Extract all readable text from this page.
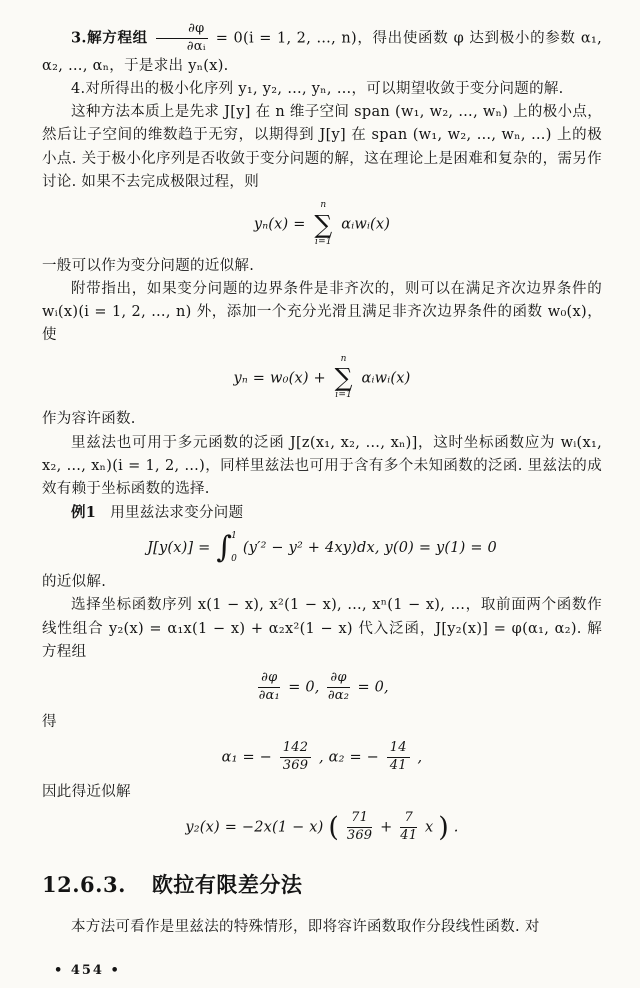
3.解方程组 $\frac{\partial\varphi}{\text{∂αᵢ}} = 0(i = 1$, 2, …, n)，得出使函数 φ 达到极小的参数 α₁, α₂, …, αₙ，于是求出 yₙ(x).

4.对所得出的极小化序列 y₁, y₂, …, yₙ, …，可以期望收敛于变分问题的解.

这种方法本质上是先求 J[y] 在 n 维子空间 span (w₁, w₂, …, wₙ) 上的极小点，然后让子空间的维数趋于无穷，以期得到 J[y] 在 span (w₁, w₂, …, wₙ, …) 上的极小点. 关于极小化序列是否收敛于变分问题的解，这在理论上是困难和复杂的，需另作讨论. 如果不去完成极限过程，则

yₙ(x) =
n
∑
i=1
αᵢwᵢ(x)

一般可以作为变分问题的近似解.

附带指出，如果变分问题的边界条件是非齐次的，则可以在满足齐次边界条件的 wᵢ(x)(i = 1, 2, …, n) 外，添加一个充分光滑且满足非齐次边界条件的函数 w₀(x)，使

yₙ = w₀(x) +
n
∑
i=1
αᵢwᵢ(x)

作为容许函数.

里兹法也可用于多元函数的泛函 J[z(x₁, x₂, …, xₙ)]，这时坐标函数应为 wᵢ(x₁, x₂, …, xₙ)(i = 1, 2, …)，同样里兹法也可用于含有多个未知函数的泛函. 里兹法的成效有赖于坐标函数的选择.

例1 用里兹法求变分问题

J[y(x)] = ∫ 1
0
(y′² − y² + 4xy)dx, y(0) = y(1) = 0

的近似解.

选择坐标函数序列 x(1 − x), x²(1 − x), …, xⁿ(1 − x), …，取前面两个函数作线性组合 y₂(x) = α₁x(1 − x) + α₂x²(1 − x) 代入泛函，J[y₂(x)] = φ(α₁, α₂). 解方程组

$\frac{\partial\varphi}{\text{∂α₁}} = 0$, $\frac{\partial\varphi}{\text{∂α₂}} = 0$,

得

α₁ = − $\frac{142}{369}$ , α₂ = − $\frac{14}{41}$ ,

因此得近似解

y₂(x) = −2x(1 − x) ( $\frac{71}{369} + \frac{7}{41}$ x ) .
12.6.3. 欧拉有限差分法

本方法可看作是里兹法的特殊情形，即将容许函数取作分段线性函数. 对

• 454 •
